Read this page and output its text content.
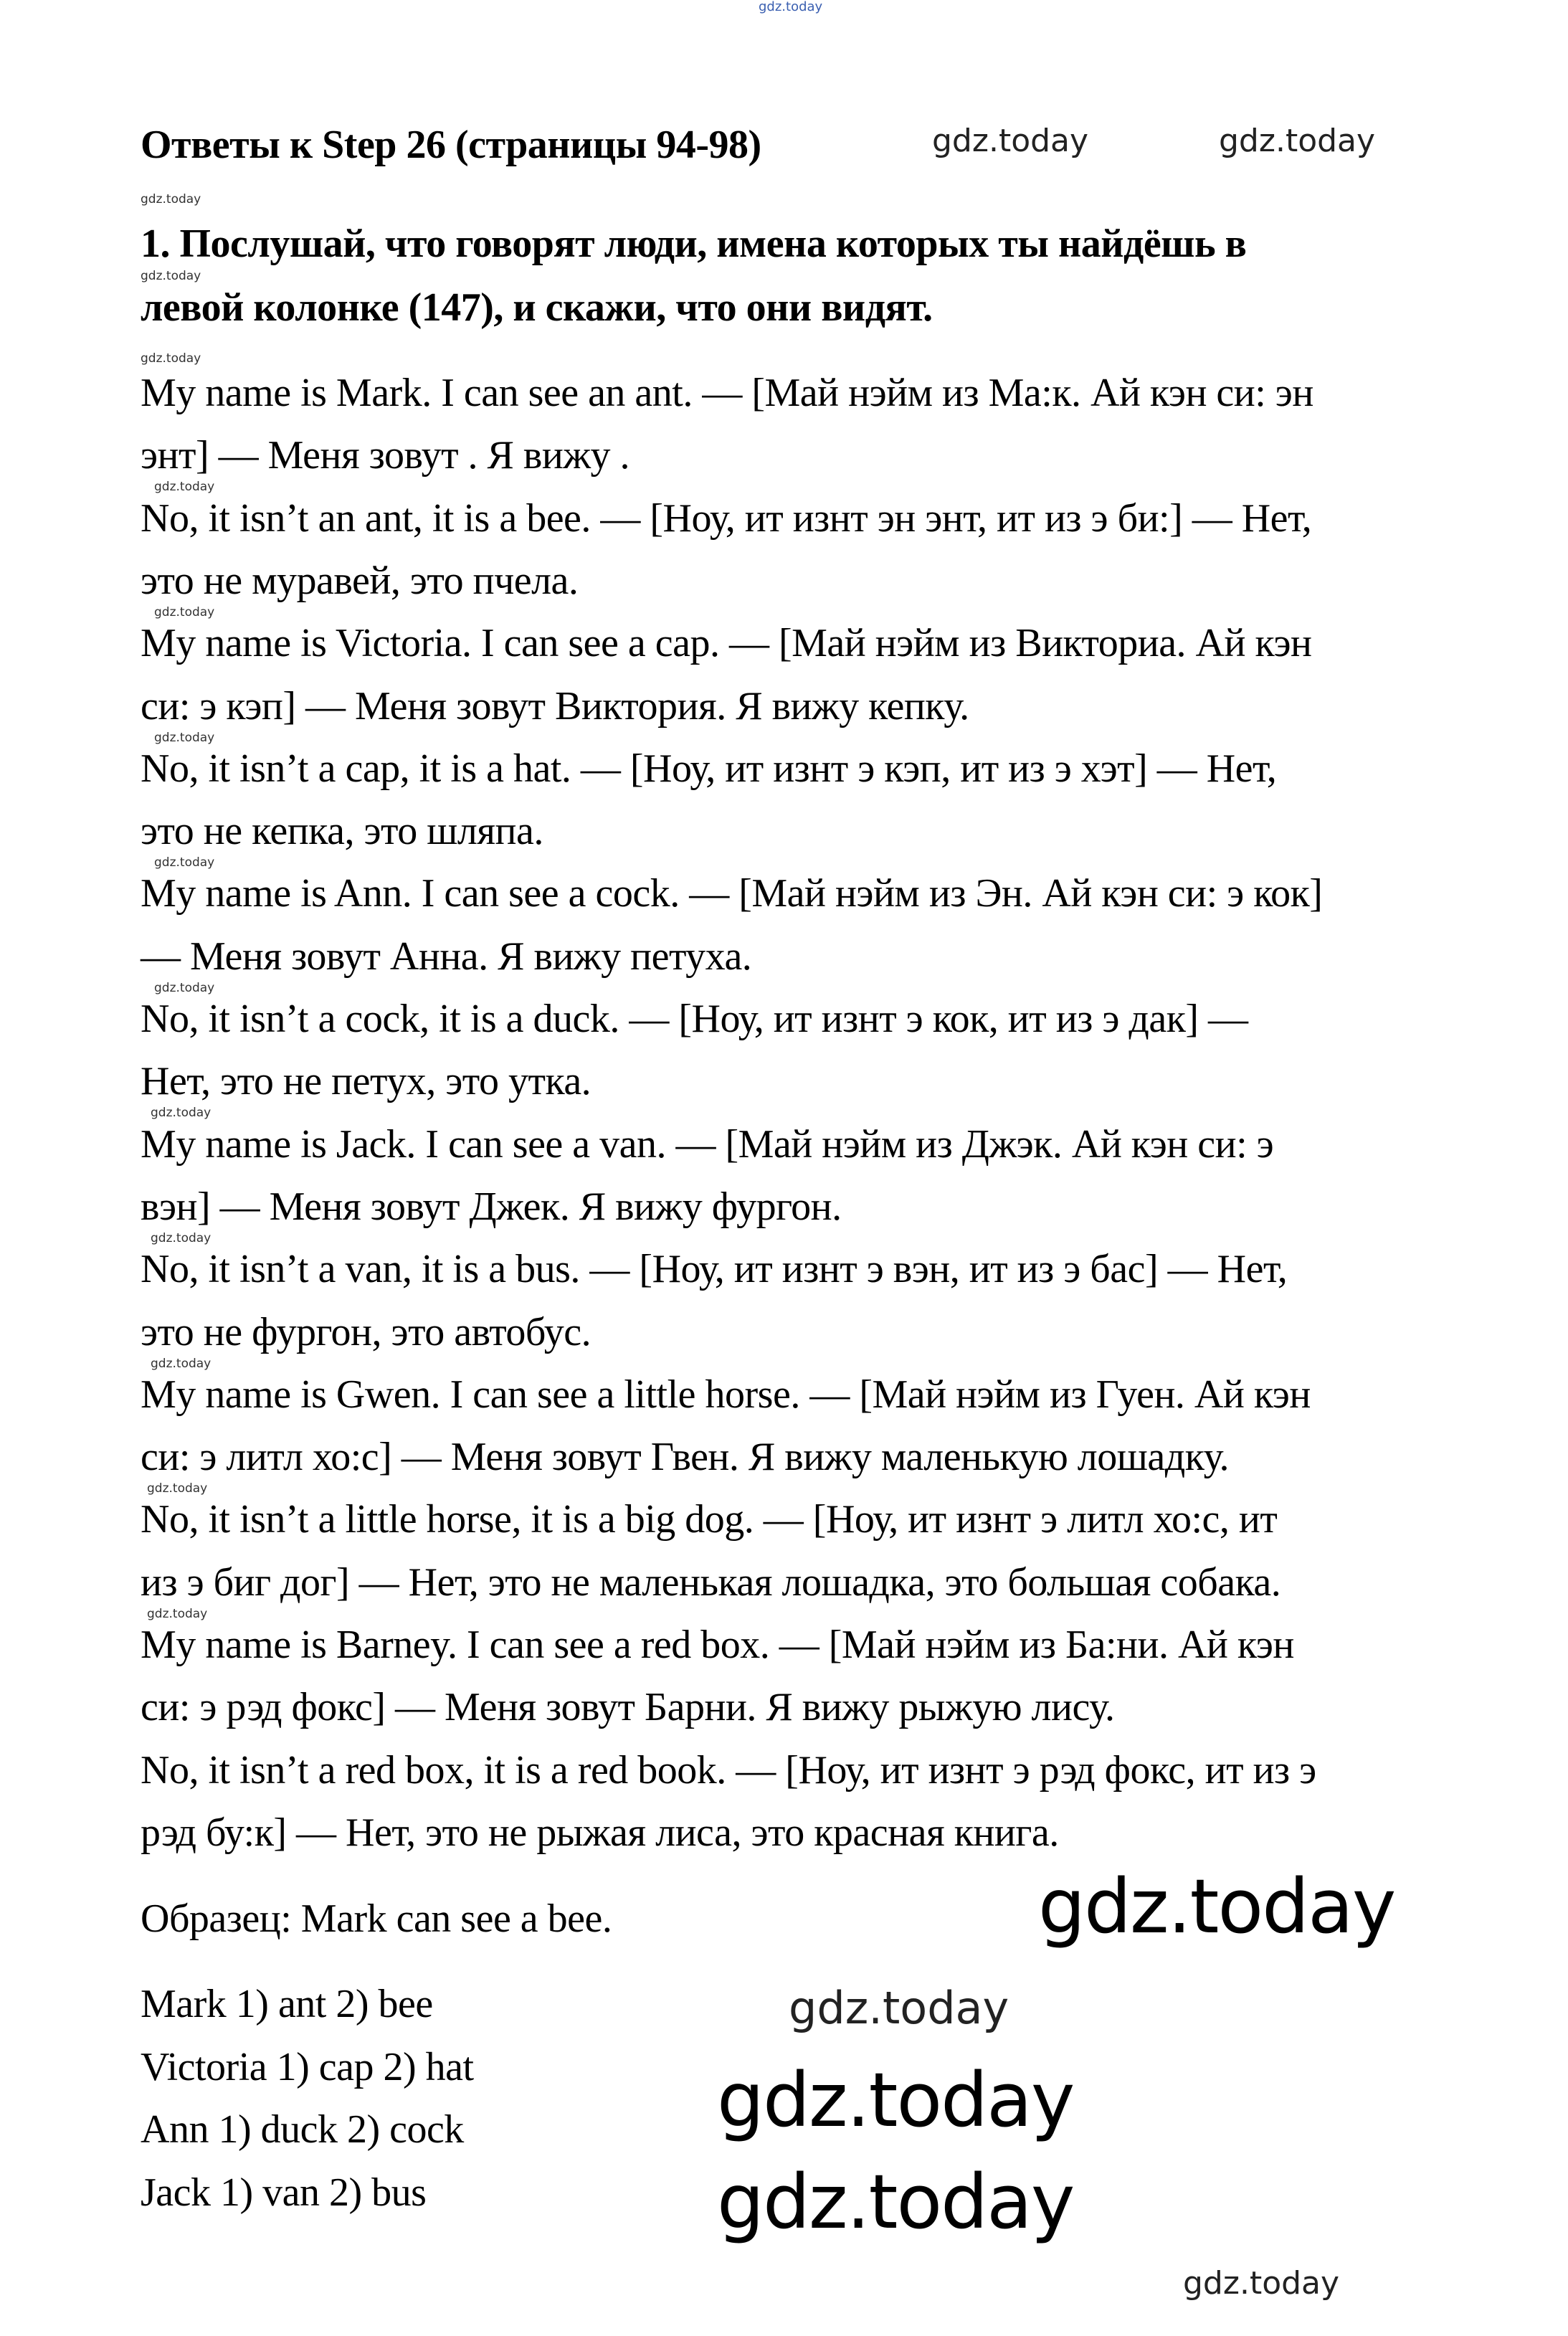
Ответы к Step 26 (страницы 94-98)
1. Послушай, что говорят люди, имена которых ты найдёшь в
левой колонке (147), и скажи, что они видят.
My name is Mark. I can see an ant. — [Май нэйм из Ма:к. Ай кэн си: эн
энт] — Меня зовут . Я вижу .
No, it isn’t an ant, it is a bee. — [Ноу, ит изнт эн энт, ит из э би:] — Нет,
это не муравей, это пчела.
My name is Victoria. I can see a cap. — [Май нэйм из Викториа. Ай кэн
си: э кэп] — Меня зовут Виктория. Я вижу кепку.
No, it isn’t a cap, it is a hat. — [Ноу, ит изнт э кэп, ит из э хэт] — Нет,
это не кепка, это шляпа.
My name is Ann. I can see a cock. — [Май нэйм из Эн. Ай кэн си: э кок]
— Меня зовут Анна. Я вижу петуха.
No, it isn’t a cock, it is a duck. — [Ноу, ит изнт э кок, ит из э дак] —
Нет, это не петух, это утка.
My name is Jack. I can see a van. — [Май нэйм из Джэк. Ай кэн си: э
вэн] — Меня зовут Джек. Я вижу фургон.
No, it isn’t a van, it is a bus. — [Ноу, ит изнт э вэн, ит из э бас] — Нет,
это не фургон, это автобус.
My name is Gwen. I can see a little horse. — [Май нэйм из Гуен. Ай кэн
си: э литл хо:с] — Меня зовут Гвен. Я вижу маленькую лошадку.
No, it isn’t a little horse, it is a big dog. — [Ноу, ит изнт э литл хо:с, ит
из э биг дог] — Нет, это не маленькая лошадка, это большая собака.
My name is Barney. I can see a red box. — [Май нэйм из Ба:ни. Ай кэн
си: э рэд фокс] — Меня зовут Барни. Я вижу рыжую лису.
No, it isn’t a red box, it is a red book. — [Ноу, ит изнт э рэд фокс, ит из э
рэд бу:к] — Нет, это не рыжая лиса, это красная книга.
Образец: Mark can see a bee.
Mark 1) ant 2) bee
Victoria 1) cap 2) hat
Ann 1) duck 2) cock
Jack 1) van 2) bus
gdz.today
gdz.today	gdz.today
gdz.today
gdz.today
gdz.today
gdz.today
gdz.today
gdz.today
gdz.today
gdz.today
gdz.today
gdz.today
gdz.today
gdz.today
gdz.today
gdz.today
gdz.today
gdz.today
gdz.today
gdz.today
